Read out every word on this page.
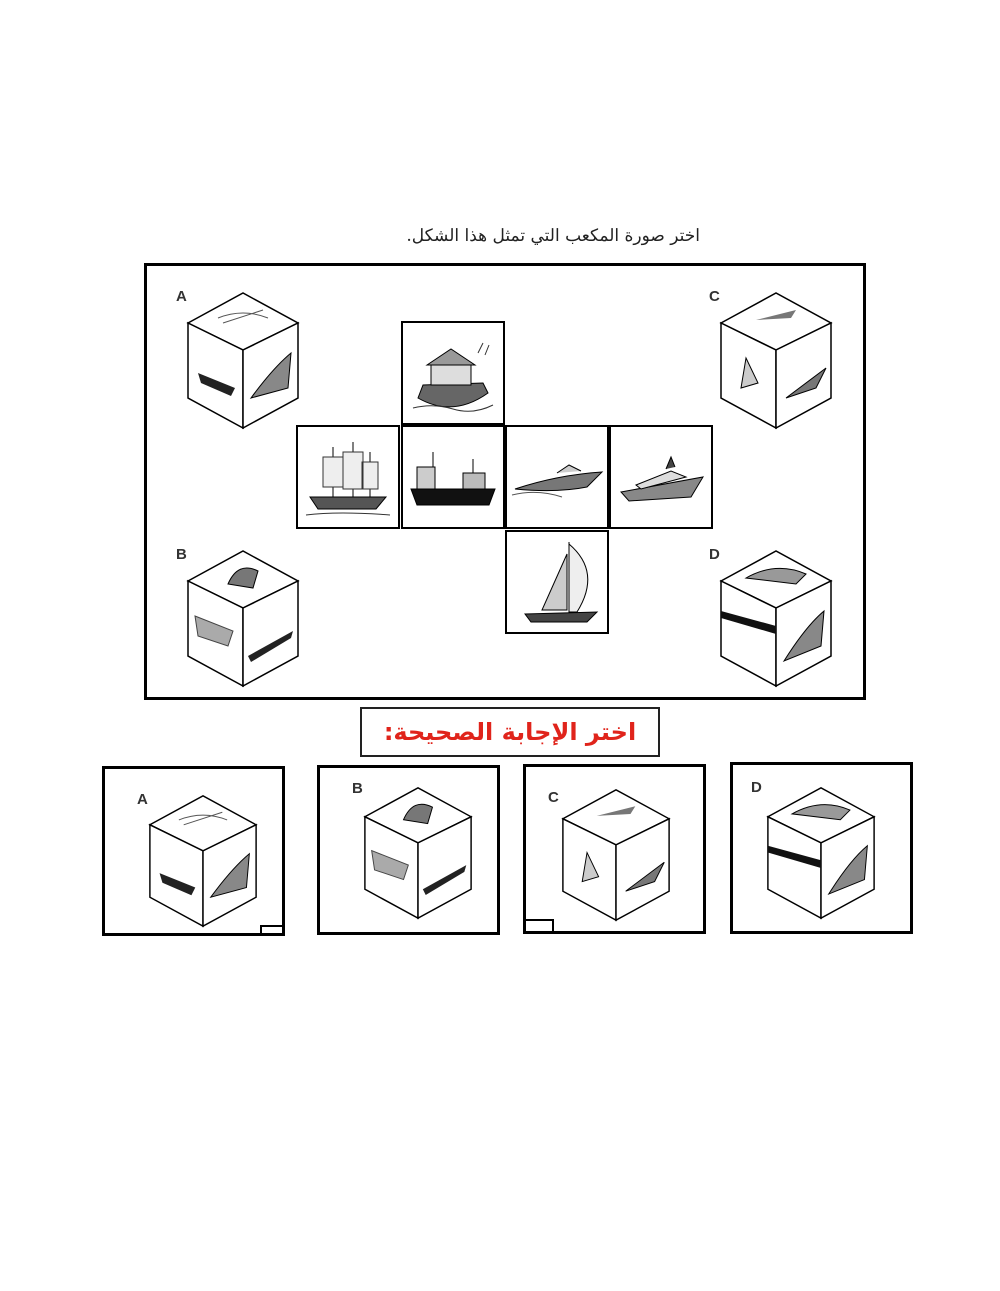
اختر صورة المكعب التي تمثل هذا الشكل.
A	C
B	D
اختر الإجابة الصحيحة:
A
B
C
D
